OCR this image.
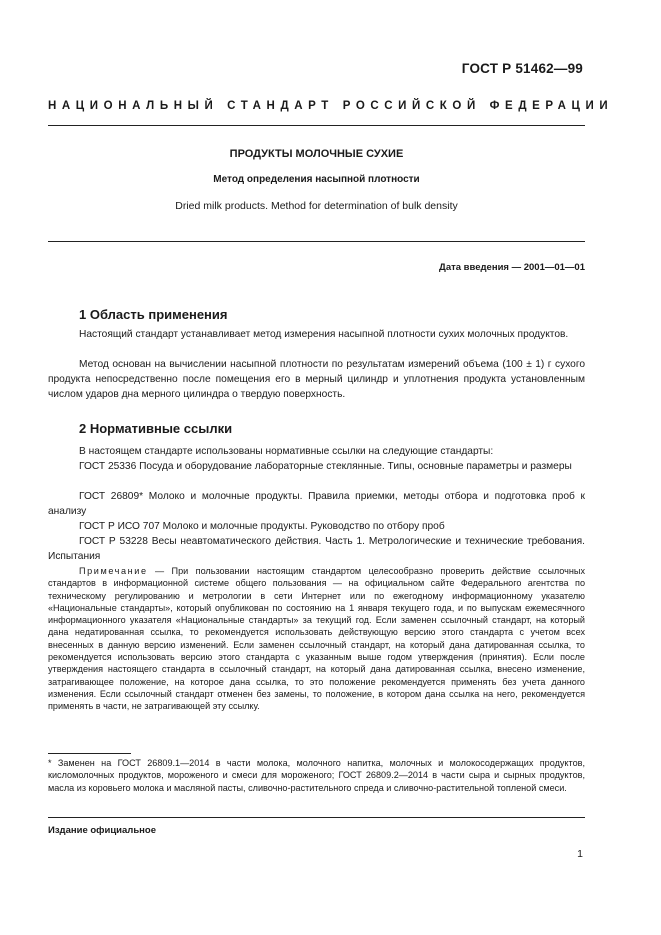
ГОСТ Р 51462—99
НАЦИОНАЛЬНЫЙ СТАНДАРТ РОССИЙСКОЙ ФЕДЕРАЦИИ
ПРОДУКТЫ МОЛОЧНЫЕ СУХИЕ
Метод определения насыпной плотности
Dried milk products. Method for determination of bulk density
Дата введения — 2001—01—01
1 Область применения
Настоящий стандарт устанавливает метод измерения насыпной плотности сухих молочных продуктов.
Метод основан на вычислении насыпной плотности по результатам измерений объема (100 ± 1) г сухого продукта непосредственно после помещения его в мерный цилиндр и уплотнения продукта установленным числом ударов дна мерного цилиндра о твердую поверхность.
2 Нормативные ссылки
В настоящем стандарте использованы нормативные ссылки на следующие стандарты:
ГОСТ 25336 Посуда и оборудование лабораторные стеклянные. Типы, основные параметры и размеры
ГОСТ 26809* Молоко и молочные продукты. Правила приемки, методы отбора и подготовка проб к анализу
ГОСТ Р ИСО 707 Молоко и молочные продукты. Руководство по отбору проб
ГОСТ Р 53228 Весы неавтоматического действия. Часть 1. Метрологические и технические требования. Испытания
Примечание — При пользовании настоящим стандартом целесообразно проверить действие ссылочных стандартов в информационной системе общего пользования — на официальном сайте Федерального агентства по техническому регулированию и метрологии в сети Интернет или по ежегодному информационному указателю «Национальные стандарты», который опубликован по состоянию на 1 января текущего года, и по выпускам ежемесячного информационного указателя «Национальные стандарты» за текущий год. Если заменен ссылочный стандарт, на который дана недатированная ссылка, то рекомендуется использовать действующую версию этого стандарта с учетом всех внесенных в данную версию изменений. Если заменен ссылочный стандарт, на который дана датированная ссылка, то рекомендуется использовать версию этого стандарта с указанным выше годом утверждения (принятия). Если после утверждения настоящего стандарта в ссылочный стандарт, на который дана датированная ссылка, внесено изменение, затрагивающее положение, на которое дана ссылка, то это положение рекомендуется применять без учета данного изменения. Если ссылочный стандарт отменен без замены, то положение, в котором дана ссылка на него, рекомендуется применять в части, не затрагивающей эту ссылку.
* Заменен на ГОСТ 26809.1—2014 в части молока, молочного напитка, молочных и молокосодержащих продуктов, кисломолочных продуктов, мороженого и смеси для мороженого; ГОСТ 26809.2—2014 в части сыра и сырных продуктов, масла из коровьего молока и масляной пасты, сливочно-растительного спреда и сливочно-растительной топленой смеси.
Издание официальное
1
